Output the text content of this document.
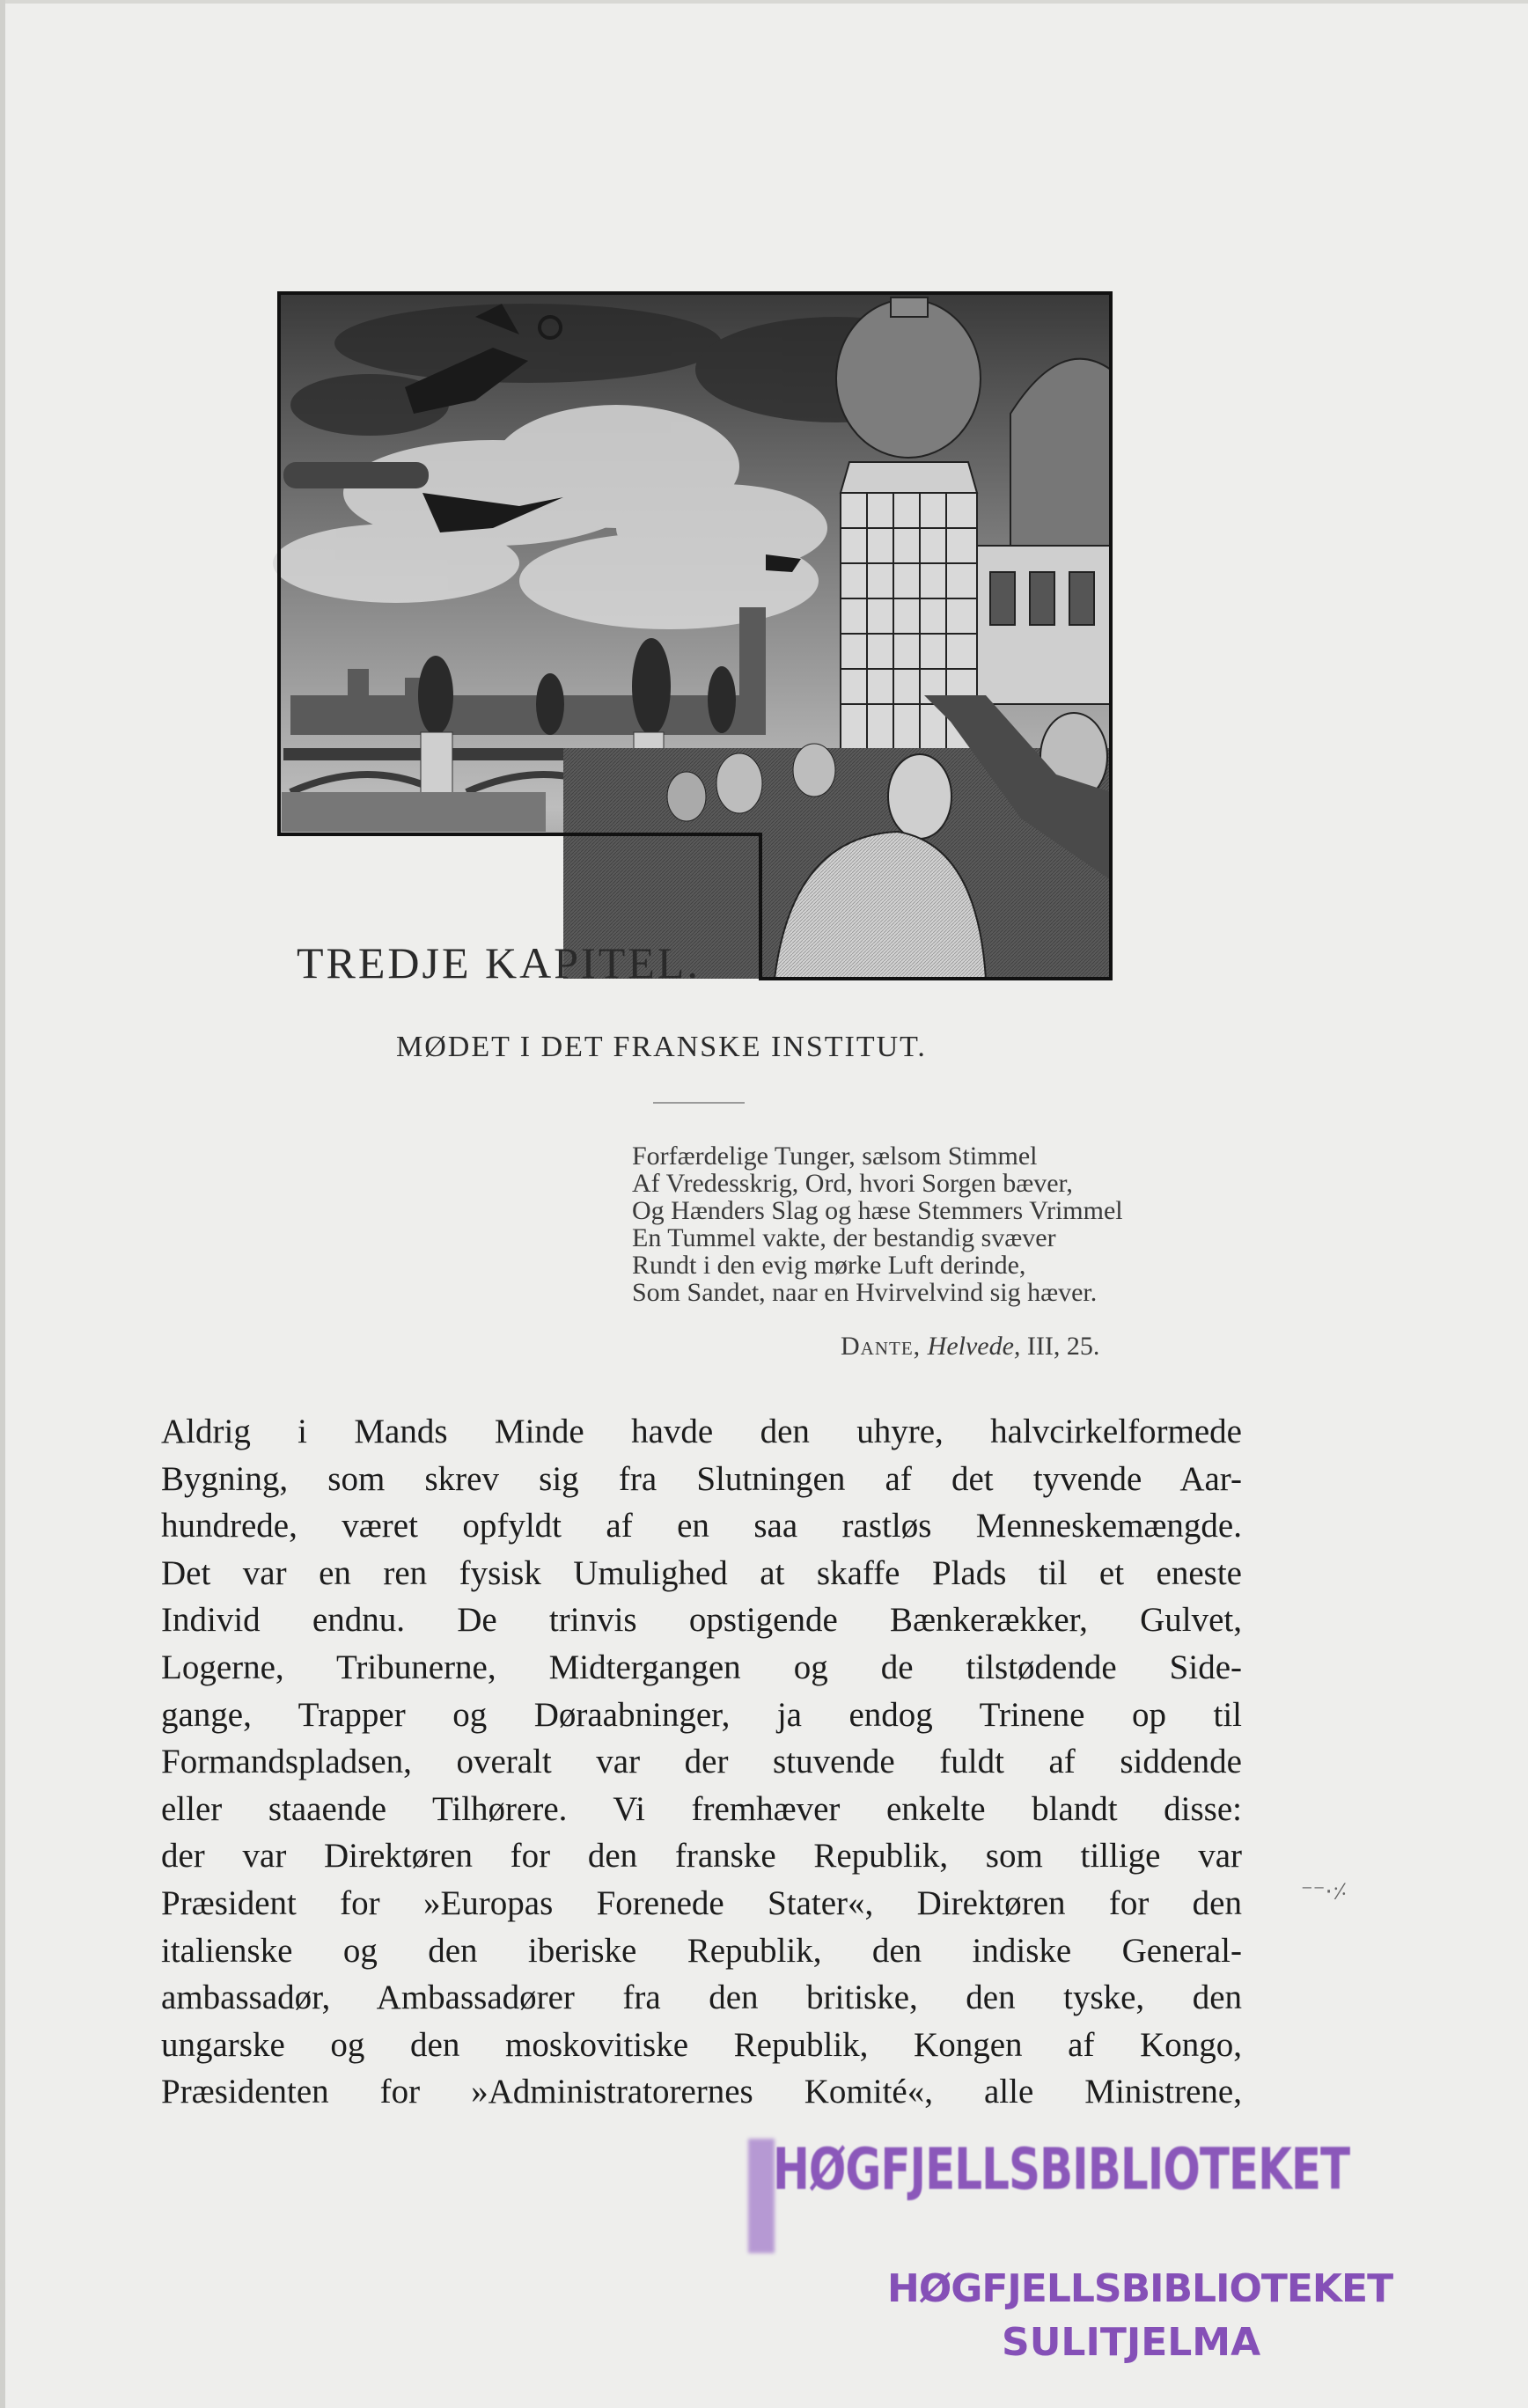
TREDJE KAPITEL.
MØDET I DET FRANSKE INSTITUT.
Forfærdelige Tunger, sælsom Stimmel
Af Vredesskrig, Ord, hvori Sorgen bæver,
Og Hænders Slag og hæse Stemmers Vrimmel
En Tummel vakte, der bestandig svæver
Rundt i den evig mørke Luft derinde,
Som Sandet, naar en Hvirvelvind sig hæver.
Dante, Helvede, III, 25.
Aldrig i Mands Minde havde den uhyre, halvcirkelformede
Bygning, som skrev sig fra Slutningen af det tyvende Aar-
hundrede, været opfyldt af en saa rastløs Menneskemængde.
Det var en ren fysisk Umulighed at skaffe Plads til et eneste
Individ endnu. De trinvis opstigende Bænkerækker, Gulvet,
Logerne, Tribunerne, Midtergangen og de tilstødende Side-
gange, Trapper og Døraabninger, ja endog Trinene op til
Formandspladsen, overalt var der stuvende fuldt af siddende
eller staaende Tilhørere. Vi fremhæver enkelte blandt disse:
der var Direktøren for den franske Republik, som tillige var
Præsident for »Europas Forenede Stater«, Direktøren for den
italienske og den iberiske Republik, den indiske General-
ambassadør, Ambassadører fra den britiske, den tyske, den
ungarske og den moskovitiske Republik, Kongen af Kongo,
Præsidenten for »Administratorernes Komité«, alle Ministrene,
⁻⁻·⸓
HØGFJELLSBIBLIOTEKET
HØGFJELLSBIBLIOTEKET
SULITJELMA
